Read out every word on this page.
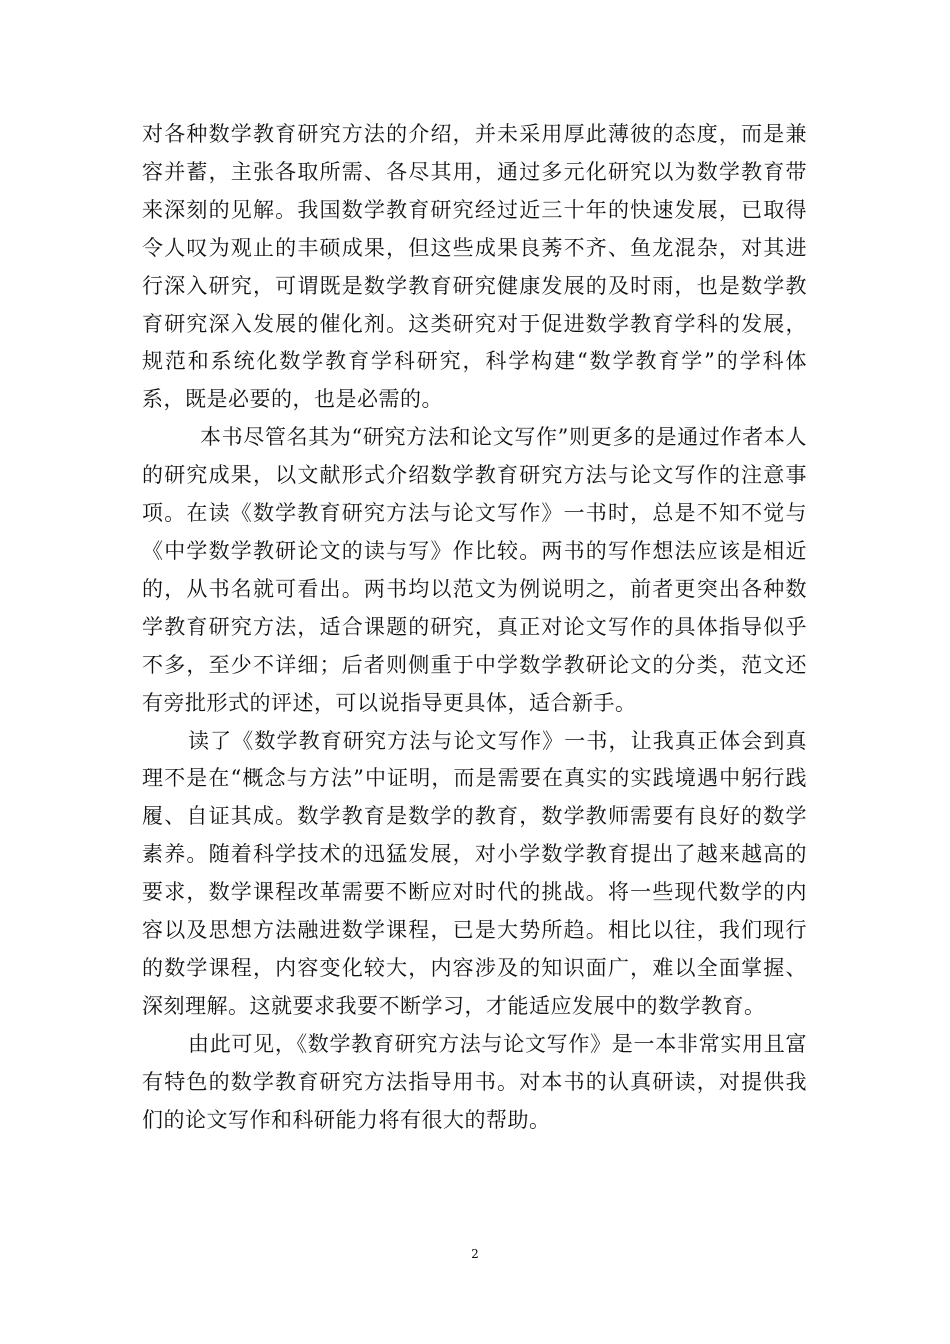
对各种数学教育研究方法的介绍，并未采用厚此薄彼的态度，而是兼容并蓄，主张各取所需、各尽其用，通过多元化研究以为数学教育带来深刻的见解。我国数学教育研究经过近三十年的快速发展，已取得令人叹为观止的丰硕成果，但这些成果良莠不齐、鱼龙混杂，对其进行深入研究，可谓既是数学教育研究健康发展的及时雨，也是数学教育研究深入发展的催化剂。这类研究对于促进数学教育学科的发展，规范和系统化数学教育学科研究，科学构建“数学教育学”的学科体系，既是必要的，也是必需的。

本书尽管名其为“研究方法和论文写作”则更多的是通过作者本人的研究成果，以文献形式介绍数学教育研究方法与论文写作的注意事项。在读《数学教育研究方法与论文写作》一书时，总是不知不觉与《中学数学教研论文的读与写》作比较。两书的写作想法应该是相近的，从书名就可看出。两书均以范文为例说明之，前者更突出各种数学教育研究方法，适合课题的研究，真正对论文写作的具体指导似乎不多，至少不详细；后者则侧重于中学数学教研论文的分类，范文还有旁批形式的评述，可以说指导更具体，适合新手。

读了《数学教育研究方法与论文写作》一书，让我真正体会到真理不是在“概念与方法”中证明，而是需要在真实的实践境遇中躬行践履、自证其成。数学教育是数学的教育，数学教师需要有良好的数学素养。随着科学技术的迅猛发展，对小学数学教育提出了越来越高的要求，数学课程改革需要不断应对时代的挑战。将一些现代数学的内容以及思想方法融进数学课程，已是大势所趋。相比以往，我们现行的数学课程，内容变化较大，内容涉及的知识面广，难以全面掌握、深刻理解。这就要求我要不断学习，才能适应发展中的数学教育。

由此可见，《数学教育研究方法与论文写作》是一本非常实用且富有特色的数学教育研究方法指导用书。对本书的认真研读，对提供我们的论文写作和科研能力将有很大的帮助。

2
